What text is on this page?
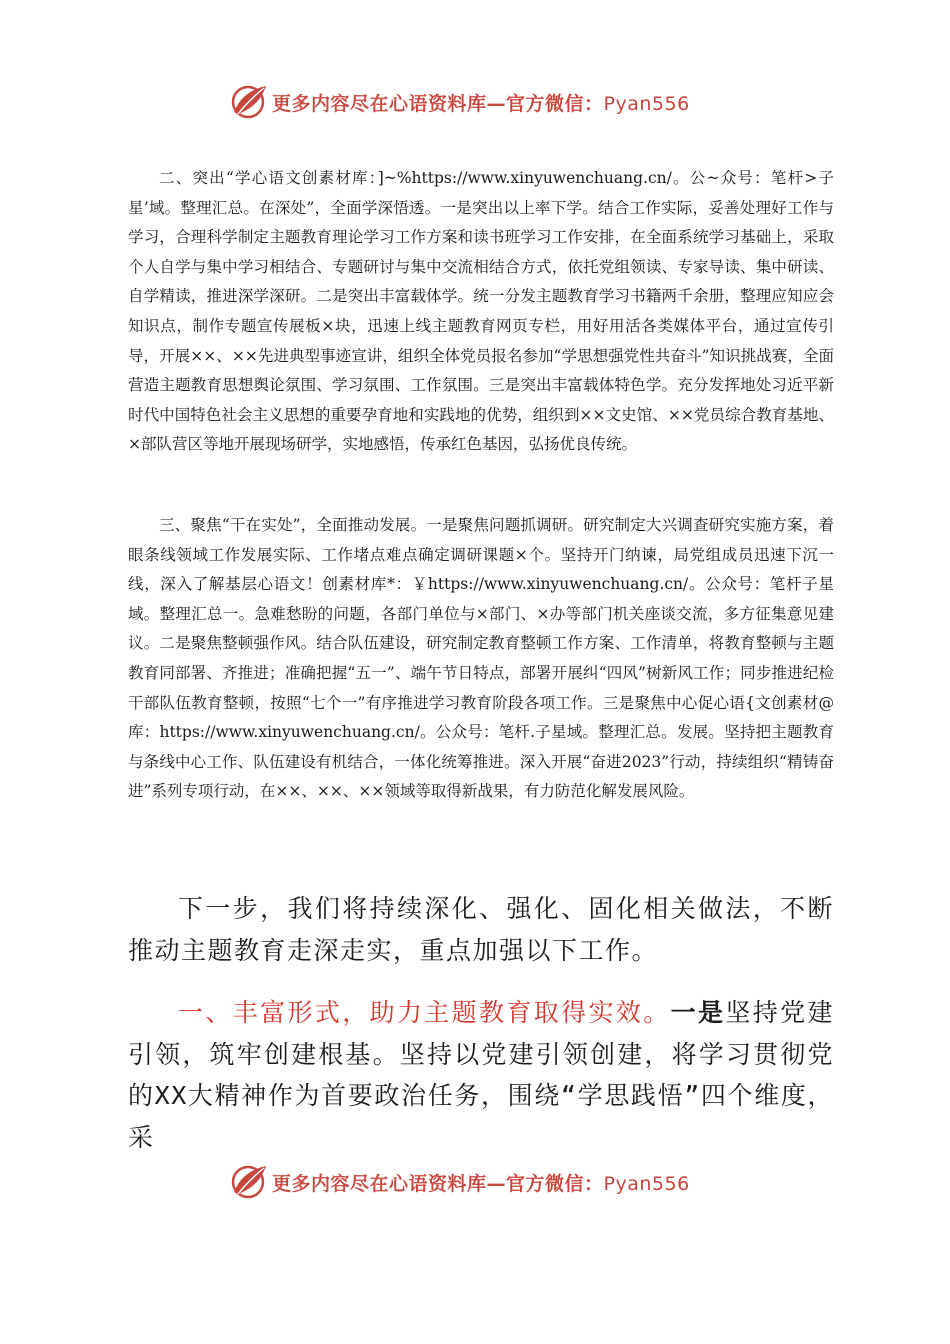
更多内容尽在心语资料库—官方微信：Pyan556

二、突出“学心语文创素材库：]~%https://www.xinyuwenchuang.cn/。公~众号：笔杆>子星’域。整理汇总。在深处”，全面学深悟透。一是突出以上率下学。结合工作实际，妥善处理好工作与学习，合理科学制定主题教育理论学习工作方案和读书班学习工作安排，在全面系统学习基础上，采取个人自学与集中学习相结合、专题研讨与集中交流相结合方式，依托党组领读、专家导读、集中研读、自学精读，推进深学深研。二是突出丰富载体学。统一分发主题教育学习书籍两千余册，整理应知应会知识点，制作专题宣传展板×块，迅速上线主题教育网页专栏，用好用活各类媒体平台，通过宣传引导，开展××、××先进典型事迹宣讲，组织全体党员报名参加“学思想强党性共奋斗”知识挑战赛，全面营造主题教育思想舆论氛围、学习氛围、工作氛围。三是突出丰富载体特色学。充分发挥地处习近平新时代中国特色社会主义思想的重要孕育地和实践地的优势，组织到××文史馆、××党员综合教育基地、×部队营区等地开展现场研学，实地感悟，传承红色基因，弘扬优良传统。

三、聚焦“干在实处”，全面推动发展。一是聚焦问题抓调研。研究制定大兴调查研究实施方案，着眼条线领域工作发展实际、工作堵点难点确定调研课题×个。坚持开门纳谏，局党组成员迅速下沉一线，深入了解基层心语文！创素材库*：￥https://www.xinyuwenchuang.cn/。公众号：笔杆子星域。整理汇总一。急难愁盼的问题，各部门单位与×部门、×办等部门机关座谈交流，多方征集意见建议。二是聚焦整顿强作风。结合队伍建设，研究制定教育整顿工作方案、工作清单，将教育整顿与主题教育同部署、齐推进；准确把握“五一”、端午节日特点，部署开展纠“四风”树新风工作；同步推进纪检干部队伍教育整顿，按照“七个一”有序推进学习教育阶段各项工作。三是聚焦中心促心语{文创素材@库：https://www.xinyuwenchuang.cn/。公众号：笔杆.子星域。整理汇总。发展。坚持把主题教育与条线中心工作、队伍建设有机结合，一体化统筹推进。深入开展“奋进2023”行动，持续组织“精铸奋进”系列专项行动，在××、××、××领域等取得新战果，有力防范化解发展风险。

下一步，我们将持续深化、强化、固化相关做法，不断推动主题教育走深走实，重点加强以下工作。

一、丰富形式，助力主题教育取得实效。一是坚持党建引领，筑牢创建根基。坚持以党建引领创建，将学习贯彻党的XX大精神作为首要政治任务，围绕“学思践悟”四个维度，采

更多内容尽在心语资料库—官方微信：Pyan556
